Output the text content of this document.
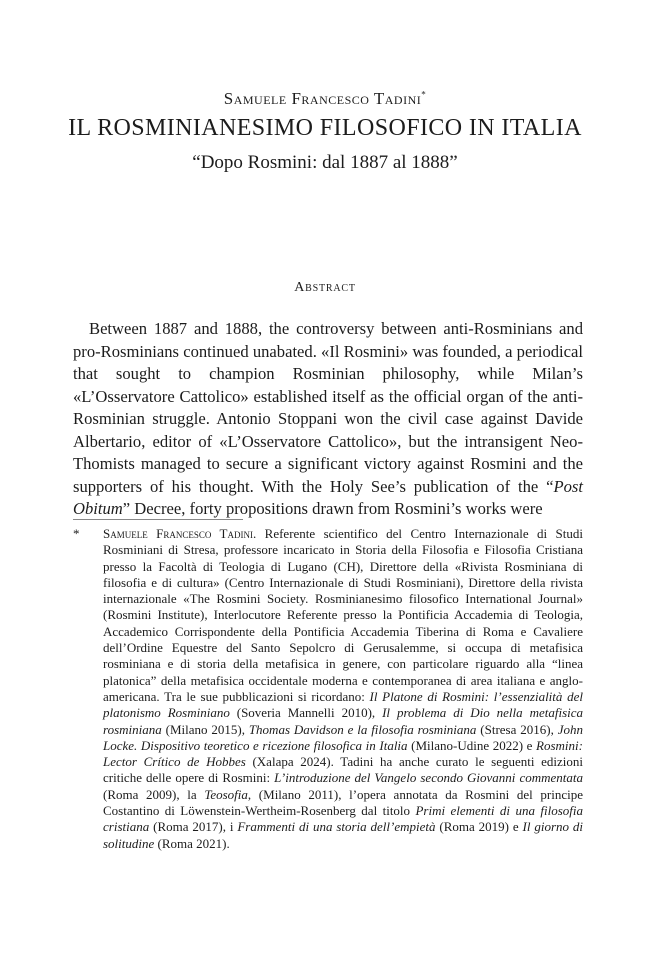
Samuele Francesco Tadini*
IL ROSMINIANESIMO FILOSOFICO IN ITALIA
“Dopo Rosmini: dal 1887 al 1888”
Abstract

Between 1887 and 1888, the controversy between anti-Rosminians and pro-Rosminians continued unabated. «Il Rosmini» was founded, a periodical that sought to champion Rosminian philosophy, while Milan’s «L’Osservatore Cattolico» established itself as the official organ of the anti-Rosminian struggle. Antonio Stoppani won the civil case against Davide Albertario, editor of «L’Osservatore Cattolico», but the intransigent Neo-Thomists managed to secure a significant victory against Rosmini and the supporters of his thought. With the Holy See’s publication of the “Post Obitum” Decree, forty propositions drawn from Rosmini’s works were

* Samuele Francesco Tadini. Referente scientifico del Centro Internazionale di Studi Rosminiani di Stresa, professore incaricato in Storia della Filosofia e Filosofia Cristiana presso la Facoltà di Teologia di Lugano (CH), Direttore della «Rivista Rosminiana di filosofia e di cultura» (Centro Internazionale di Studi Rosminiani), Direttore della rivista internazionale «The Rosmini Society. Rosminianesimo filosofico International Journal» (Rosmini Institute), Interlocutore Referente presso la Pontificia Accademia di Teologia, Accademico Corrispondente della Pontificia Accademia Tiberina di Roma e Cavaliere dell’Ordine Equestre del Santo Sepolcro di Gerusalemme, si occupa di metafisica rosminiana e di storia della metafisica in genere, con particolare riguardo alla “linea platonica” della metafisica occidentale moderna e contemporanea di area italiana e anglo-americana. Tra le sue pubblicazioni si ricordano: Il Platone di Rosmini: l’essenzialità del platonismo Rosminiano (Soveria Mannelli 2010), Il problema di Dio nella metafisica rosminiana (Milano 2015), Thomas Davidson e la filosofia rosminiana (Stresa 2016), John Locke. Dispositivo teoretico e ricezione filosofica in Italia (Milano-Udine 2022) e Rosmini: Lector Crítico de Hobbes (Xalapa 2024). Tadini ha anche curato le seguenti edizioni critiche delle opere di Rosmini: L’introduzione del Vangelo secondo Giovanni commentata (Roma 2009), la Teosofia, (Milano 2011), l’opera annotata da Rosmini del principe Costantino di Löwenstein-Wertheim-Rosenberg dal titolo Primi elementi di una filosofia cristiana (Roma 2017), i Frammenti di una storia dell’empietà (Roma 2019) e Il giorno di solitudine (Roma 2021).
